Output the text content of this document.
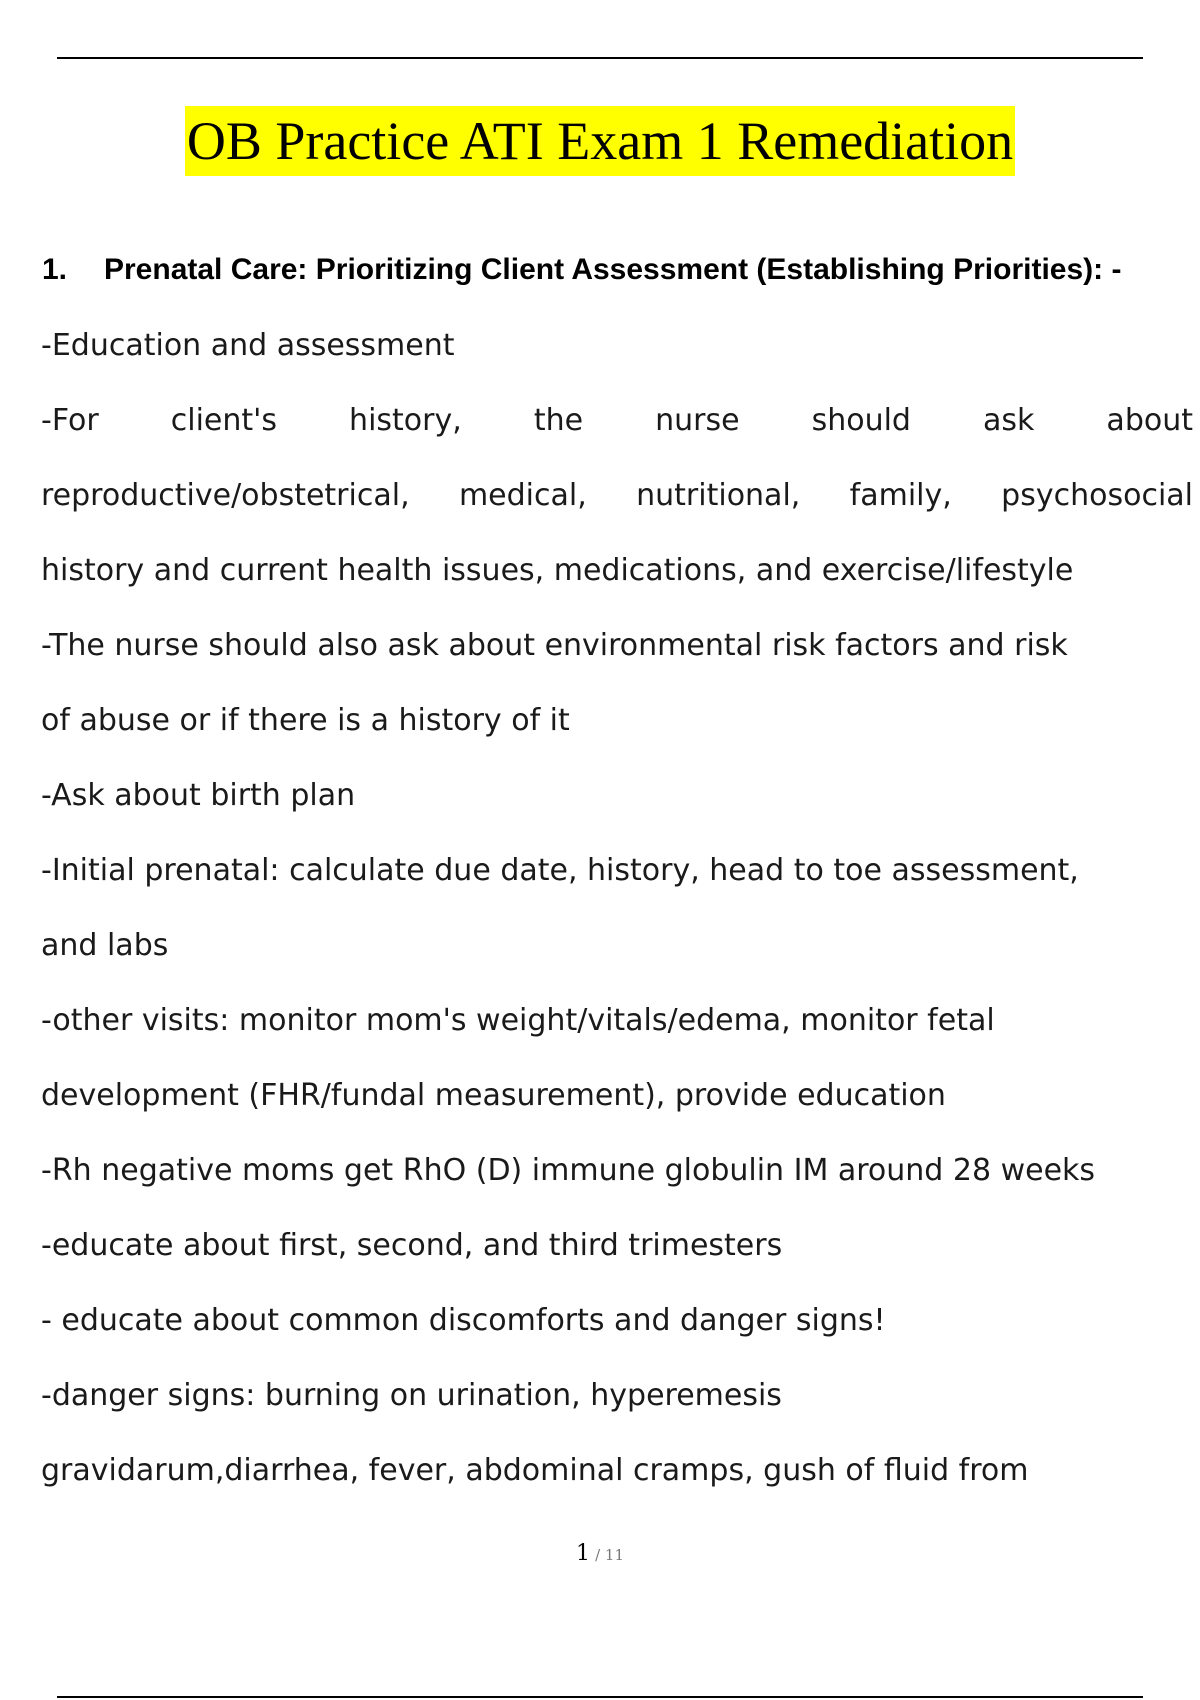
OB Practice ATI Exam 1 Remediation
1. Prenatal Care: Prioritizing Client Assessment (Establishing Priorities): -
-Education and assessment
-For client's history, the nurse should ask about
reproductive/obstetrical, medical, nutritional, family, psychosocial
history and current health issues, medications, and exercise/lifestyle
-The nurse should also ask about environmental risk factors and risk
of abuse or if there is a history of it
-Ask about birth plan
-Initial prenatal: calculate due date, history, head to toe assessment,
and labs
-other visits: monitor mom's weight/vitals/edema, monitor fetal
development (FHR/fundal measurement), provide education
-Rh negative moms get RhO (D) immune globulin IM around 28 weeks
-educate about first, second, and third trimesters
- educate about common discomforts and danger signs!
-danger signs: burning on urination, hyperemesis
gravidarum,diarrhea, fever, abdominal cramps, gush of fluid from
1 / 11
